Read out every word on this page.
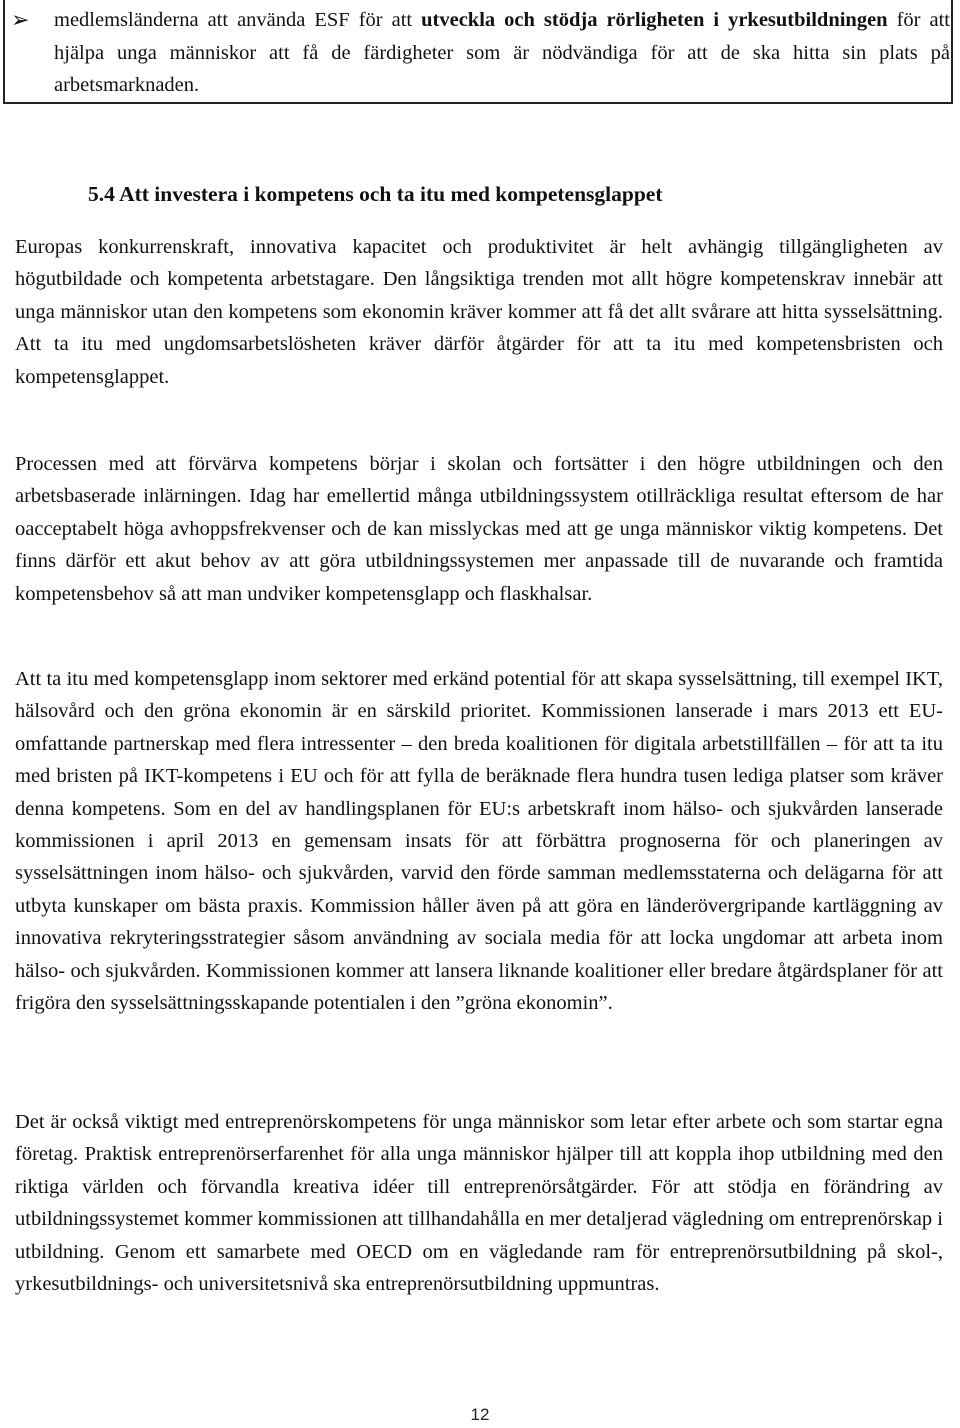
➢ medlemsländerna att använda ESF för att utveckla och stödja rörligheten i yrkesutbildningen för att hjälpa unga människor att få de färdigheter som är nödvändiga för att de ska hitta sin plats på arbetsmarknaden.
5.4 Att investera i kompetens och ta itu med kompetensglappet

Europas konkurrenskraft, innovativa kapacitet och produktivitet är helt avhängig tillgängligheten av högutbildade och kompetenta arbetstagare. Den långsiktiga trenden mot allt högre kompetenskrav innebär att unga människor utan den kompetens som ekonomin kräver kommer att få det allt svårare att hitta sysselsättning. Att ta itu med ungdomsarbetslösheten kräver därför åtgärder för att ta itu med kompetensbristen och kompetensglappet.

Processen med att förvärva kompetens börjar i skolan och fortsätter i den högre utbildningen och den arbetsbaserade inlärningen. Idag har emellertid många utbildningssystem otillräckliga resultat eftersom de har oacceptabelt höga avhoppsfrekvenser och de kan misslyckas med att ge unga människor viktig kompetens. Det finns därför ett akut behov av att göra utbildningssystemen mer anpassade till de nuvarande och framtida kompetensbehov så att man undviker kompetensglapp och flaskhalsar.

Att ta itu med kompetensglapp inom sektorer med erkänd potential för att skapa sysselsättning, till exempel IKT, hälsovård och den gröna ekonomin är en särskild prioritet. Kommissionen lanserade i mars 2013 ett EU-omfattande partnerskap med flera intressenter – den breda koalitionen för digitala arbetstillfällen – för att ta itu med bristen på IKT-kompetens i EU och för att fylla de beräknade flera hundra tusen lediga platser som kräver denna kompetens. Som en del av handlingsplanen för EU:s arbetskraft inom hälso- och sjukvården lanserade kommissionen i april 2013 en gemensam insats för att förbättra prognoserna för och planeringen av sysselsättningen inom hälso- och sjukvården, varvid den förde samman medlemsstaterna och delägarna för att utbyta kunskaper om bästa praxis. Kommission håller även på att göra en länderövergripande kartläggning av innovativa rekryteringsstrategier såsom användning av sociala media för att locka ungdomar att arbeta inom hälso- och sjukvården. Kommissionen kommer att lansera liknande koalitioner eller bredare åtgärdsplaner för att frigöra den sysselsättningsskapande potentialen i den ”gröna ekonomin”.

Det är också viktigt med entreprenörskompetens för unga människor som letar efter arbete och som startar egna företag. Praktisk entreprenörserfarenhet för alla unga människor hjälper till att koppla ihop utbildning med den riktiga världen och förvandla kreativa idéer till entreprenörsåtgärder. För att stödja en förändring av utbildningssystemet kommer kommissionen att tillhandahålla en mer detaljerad vägledning om entreprenörskap i utbildning. Genom ett samarbete med OECD om en vägledande ram för entreprenörsutbildning på skol-, yrkesutbildnings- och universitetsnivå ska entreprenörsutbildning uppmuntras.

12
